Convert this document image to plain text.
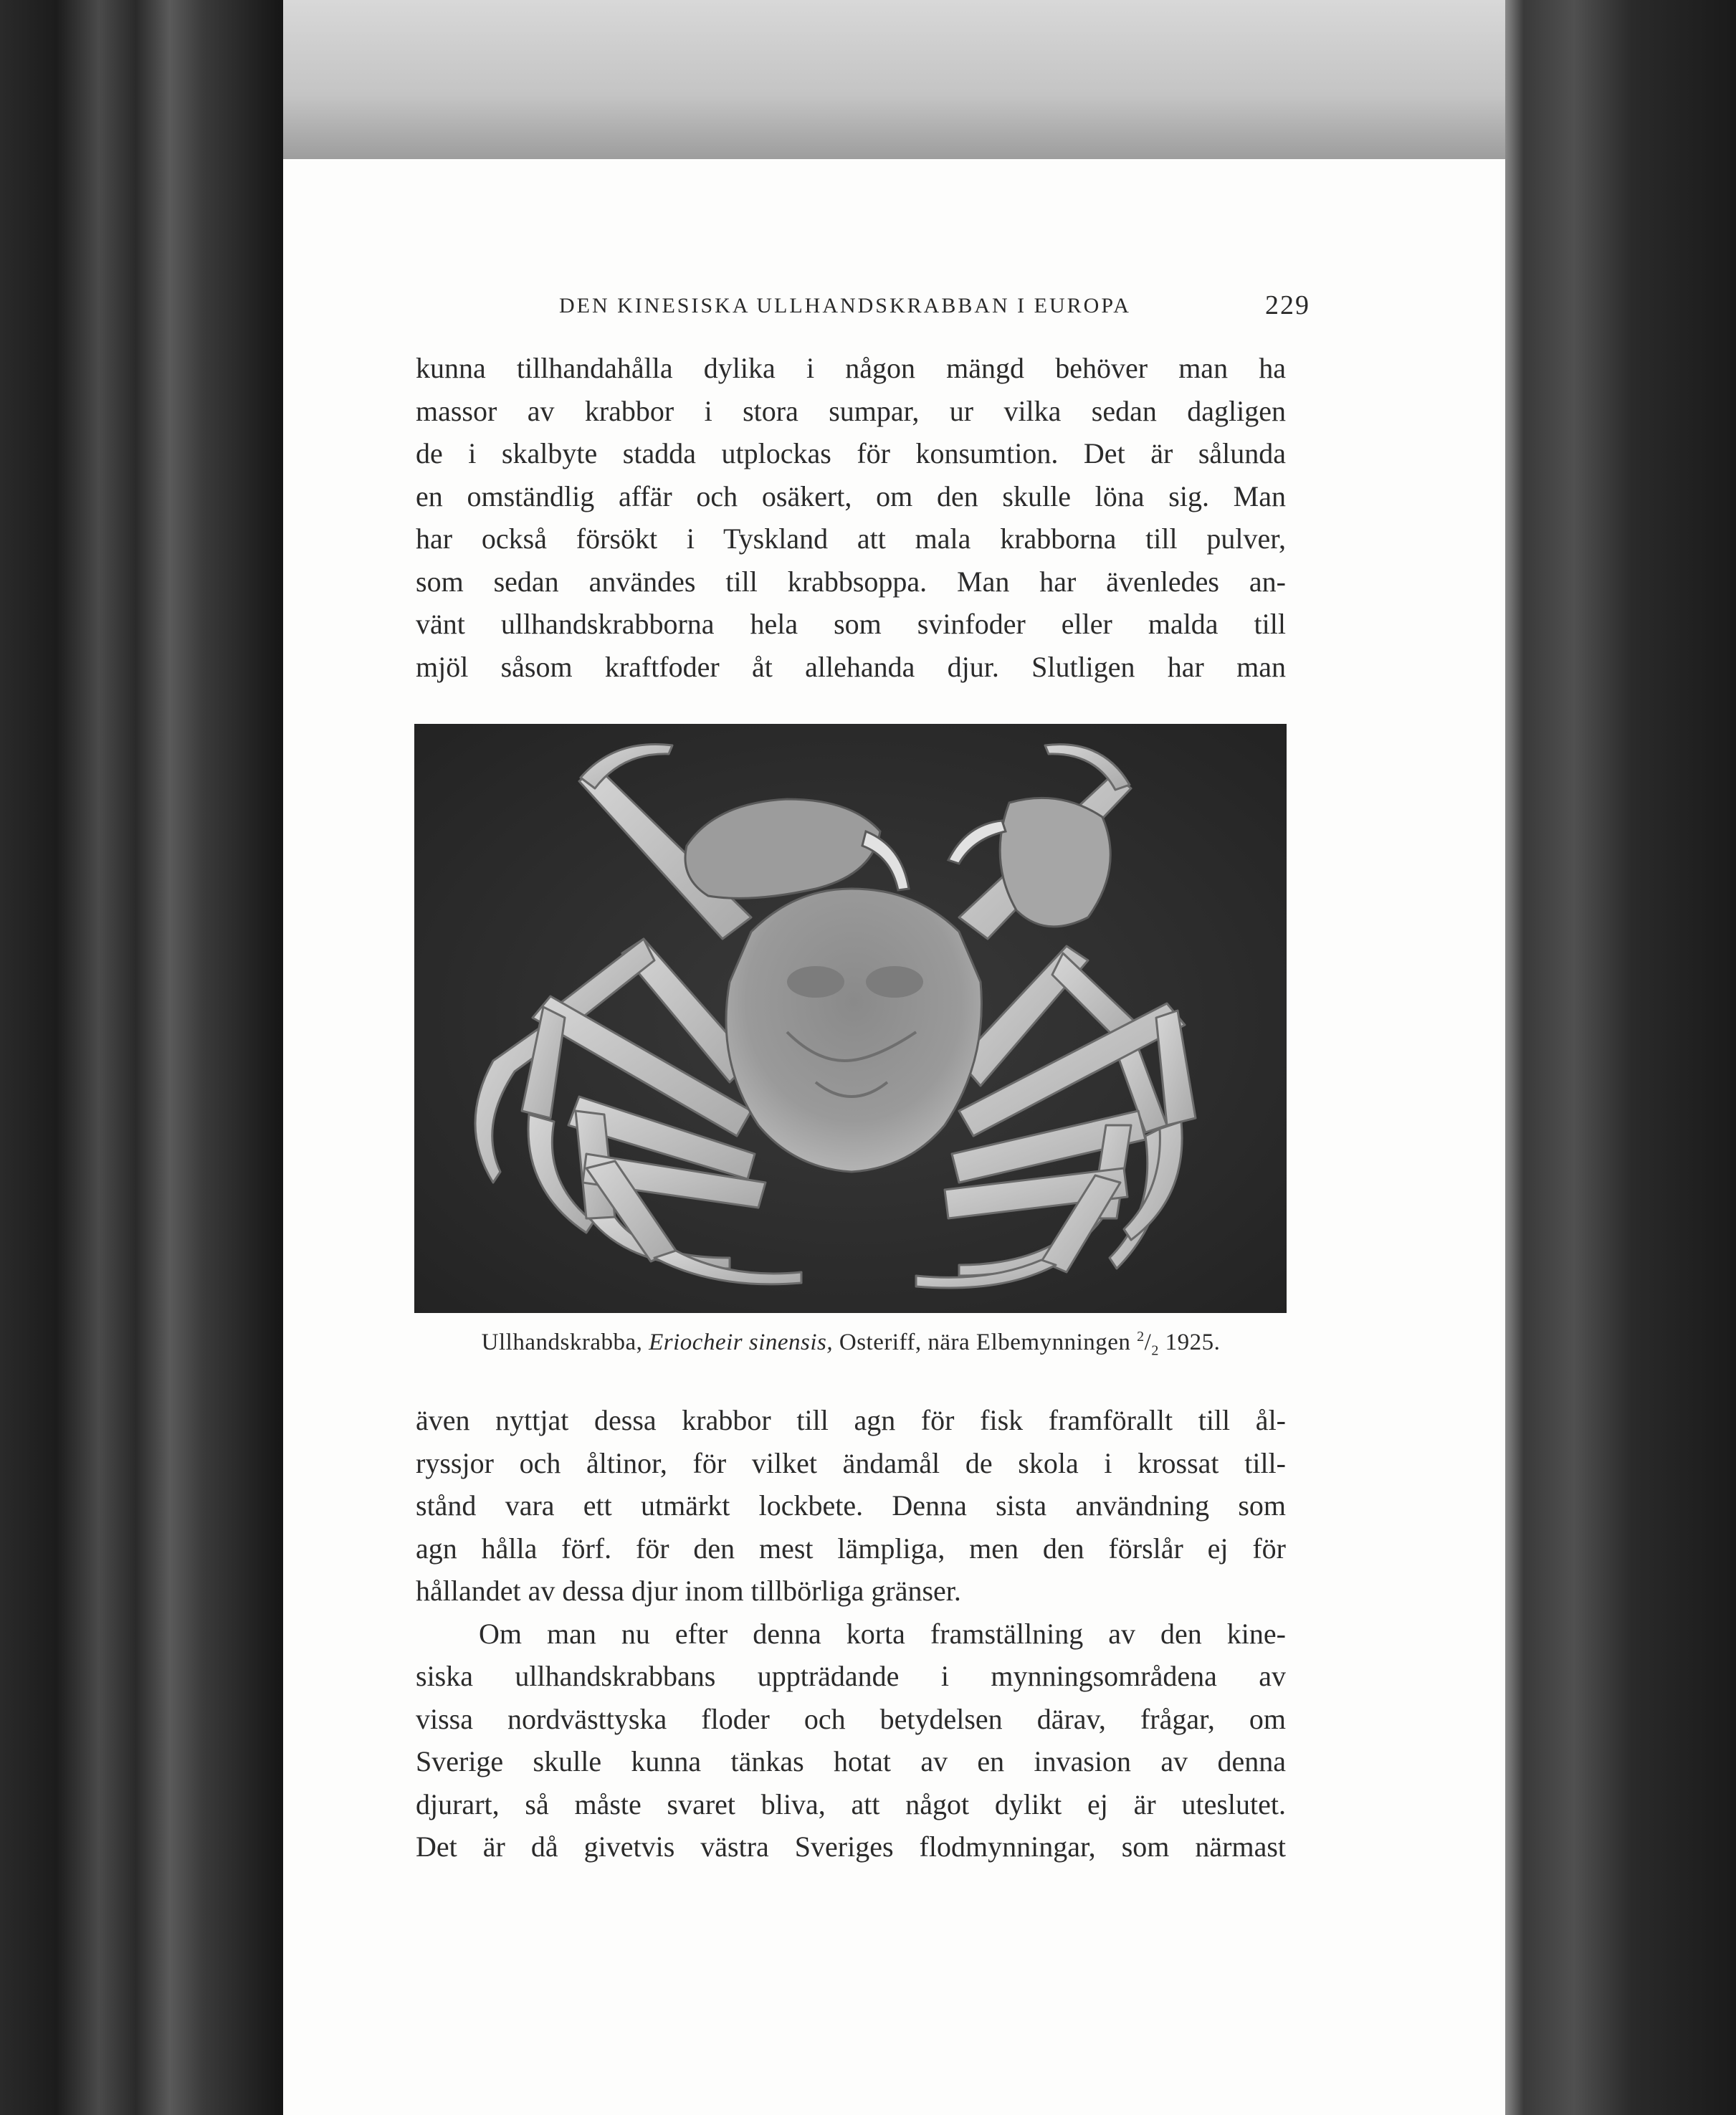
DEN KINESISKA ULLHANDSKRABBAN I EUROPA	229
kunna tillhandahålla dylika i någon mängd behöver man ha
massor av krabbor i stora sumpar, ur vilka sedan dagligen
de i skalbyte stadda utplockas för konsumtion. Det är sålunda
en omständlig affär och osäkert, om den skulle löna sig. Man
har också försökt i Tyskland att mala krabborna till pulver,
som sedan användes till krabbsoppa. Man har ävenledes an-
vänt ullhandskrabborna hela som svinfoder eller malda till
mjöl såsom kraftfoder åt allehanda djur. Slutligen har man
Ullhandskrabba, Eriocheir sinensis, Osteriff, nära Elbemynningen $^2/_2$ 1925.
även nyttjat dessa krabbor till agn för fisk framförallt till ål-
ryssjor och åltinor, för vilket ändamål de skola i krossat till-
stånd vara ett utmärkt lockbete. Denna sista användning som
agn hålla förf. för den mest lämpliga, men den förslår ej för
hållandet av dessa djur inom tillbörliga gränser.
Om man nu efter denna korta framställning av den kine-
siska ullhandskrabbans uppträdande i mynningsområdena av
vissa nordvästtyska floder och betydelsen därav, frågar, om
Sverige skulle kunna tänkas hotat av en invasion av denna
djurart, så måste svaret bliva, att något dylikt ej är uteslutet.
Det är då givetvis västra Sveriges flodmynningar, som närmast
